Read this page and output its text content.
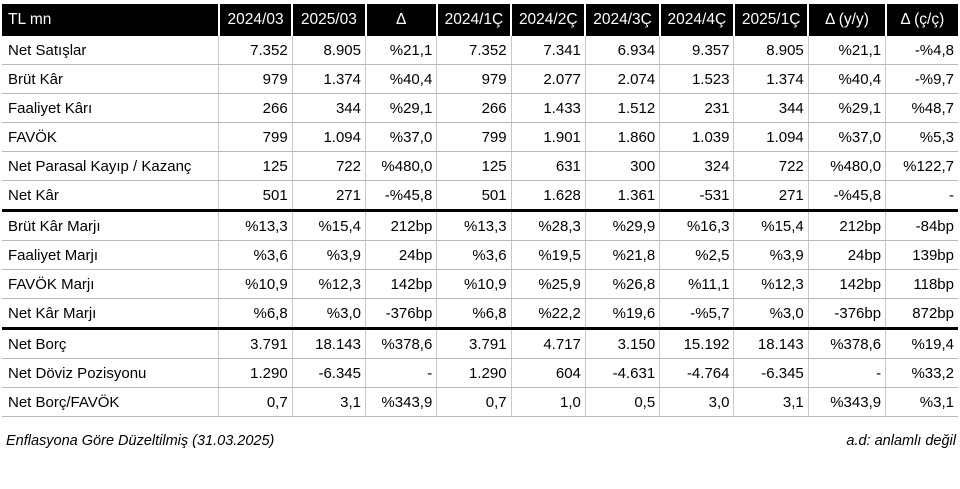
TL mn	2024/03	2025/03	Δ	2024/1Ç	2024/2Ç	2024/3Ç	2024/4Ç	2025/1Ç	Δ (y/y)	Δ (ç/ç)
Net Satışlar	7.352	8.905	%21,1	7.352	7.341	6.934	9.357	8.905	%21,1	-%4,8
Brüt Kâr	979	1.374	%40,4	979	2.077	2.074	1.523	1.374	%40,4	-%9,7
Faaliyet Kârı	266	344	%29,1	266	1.433	1.512	231	344	%29,1	%48,7
FAVÖK	799	1.094	%37,0	799	1.901	1.860	1.039	1.094	%37,0	%5,3
Net Parasal Kayıp / Kazanç	125	722	%480,0	125	631	300	324	722	%480,0	%122,7
Net Kâr	501	271	-%45,8	501	1.628	1.361	-531	271	-%45,8	-
Brüt Kâr Marjı	%13,3	%15,4	212bp	%13,3	%28,3	%29,9	%16,3	%15,4	212bp	-84bp
Faaliyet Marjı	%3,6	%3,9	24bp	%3,6	%19,5	%21,8	%2,5	%3,9	24bp	139bp
FAVÖK Marjı	%10,9	%12,3	142bp	%10,9	%25,9	%26,8	%11,1	%12,3	142bp	118bp
Net Kâr Marjı	%6,8	%3,0	-376bp	%6,8	%22,2	%19,6	-%5,7	%3,0	-376bp	872bp
Net Borç	3.791	18.143	%378,6	3.791	4.717	3.150	15.192	18.143	%378,6	%19,4
Net Döviz Pozisyonu	1.290	-6.345	-	1.290	604	-4.631	-4.764	-6.345	-	%33,2
Net Borç/FAVÖK	0,7	3,1	%343,9	0,7	1,0	0,5	3,0	3,1	%343,9	%3,1
Enflasyona Göre Düzeltilmiş (31.03.2025)	a.d: anlamlı değil
